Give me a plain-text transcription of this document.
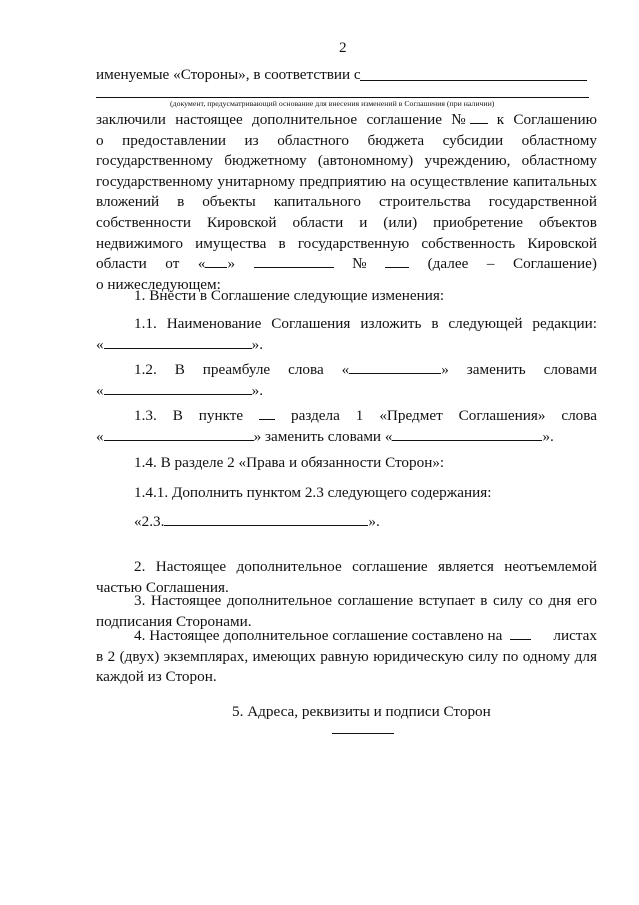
2
именуемые «Стороны», в соответствии с
(документ, предусматривающий основание для внесения изменений в Соглашения (при наличии)
заключили настоящее дополнительное соглашение №	к Соглашению
о предоставлении из областного бюджета субсидии областному
государственному бюджетному (автономному) учреждению, областному
государственному унитарному предприятию на осуществление капитальных
вложений в объекты капитального строительства государственной
собственности Кировской области и (или) приобретение объектов
недвижимого имущества в государственную собственность Кировской
области от « »	№	(далее – Соглашение)
о нижеследующем:
1. Внести в Соглашение следующие изменения:
1.1. Наименование Соглашения изложить в следующей редакции:
«	».
1.2. В преамбуле слова «	» заменить словами
«	».
1.3. В пункте	раздела 1 «Предмет Соглашения» слова
«	» заменить словами «	».
1.4. В разделе 2 «Права и обязанности Сторон»:
1.4.1. Дополнить пунктом 2.3 следующего содержания:
«2.3.	».
2. Настоящее дополнительное соглашение является неотъемлемой
частью Соглашения.
3. Настоящее дополнительное соглашение вступает в силу со дня его
подписания Сторонами.
4. Настоящее дополнительное соглашение составлено на	листах
в 2 (двух) экземплярах, имеющих равную юридическую силу по одному для
каждой из Сторон.
5. Адреса, реквизиты и подписи Сторон
